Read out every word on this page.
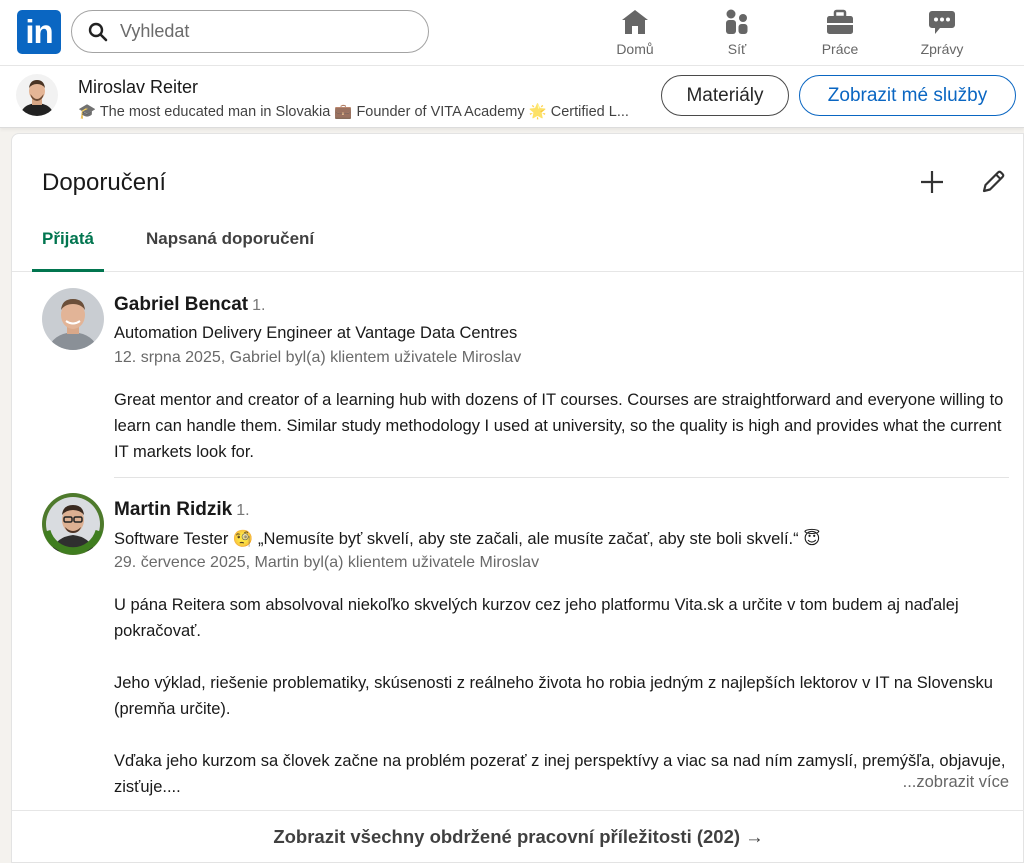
in
Vyhledat	Domů	Síť	Práce	Zprávy
Miroslav Reiter
🎓 The most educated man in Slovakia 💼 Founder of VITA Academy 🌟 Certified L...
Materiály	Zobrazit mé služby
Doporučení
Přijatá	Napsaná doporučení
Gabriel Bencat 1.
Automation Delivery Engineer at Vantage Data Centres
12. srpna 2025, Gabriel byl(a) klientem uživatele Miroslav

Great mentor and creator of a learning hub with dozens of IT courses. Courses are straightforward and everyone willing to learn can handle them. Similar study methodology I used at university, so the quality is high and provides what the current IT markets look for.

Martin Ridzik 1.
Software Tester 🧐 „Nemusíte byť skvelí, aby ste začali, ale musíte začať, aby ste boli skvelí.“ 😇
29. července 2025, Martin byl(a) klientem uživatele Miroslav

U pána Reitera som absolvoval niekoľko skvelých kurzov cez jeho platformu Vita.sk a určite v tom budem aj naďalej pokračovať.

Jeho výklad, riešenie problematiky, skúsenosti z reálneho života ho robia jedným z najlepších lektorov v IT na Slovensku (premňa určite).

Vďaka jeho kurzom sa človek začne na problém pozerať z inej perspektívy a viac sa nad ním zamyslí, premýšľa, objavuje, zisťuje....	...zobrazit více
Zobrazit všechny obdržené pracovní příležitosti (202) →
